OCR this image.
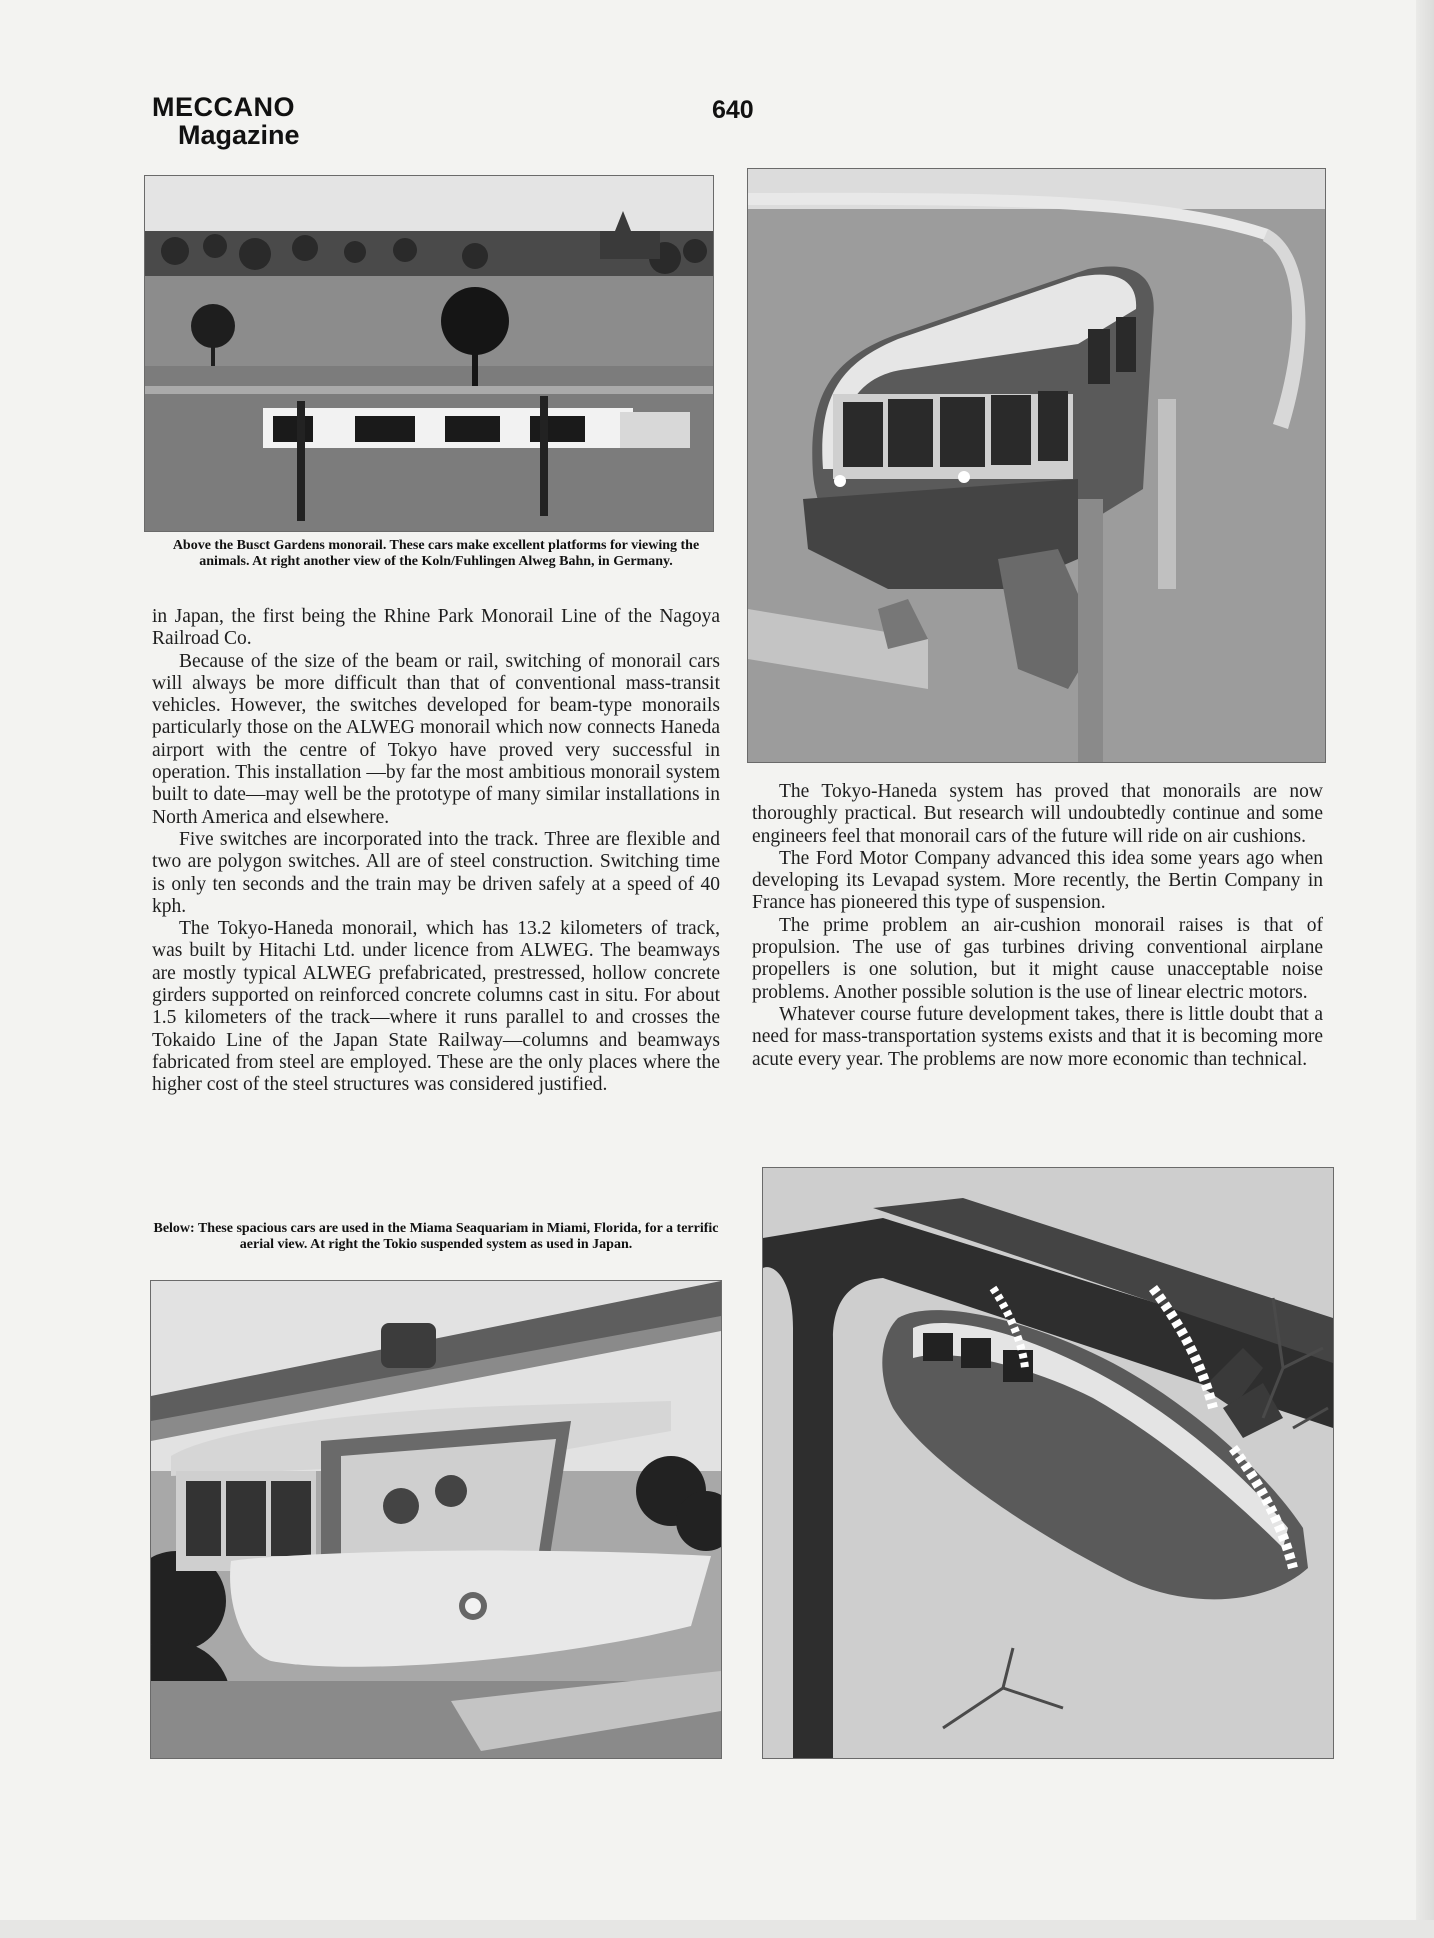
MECCANO
Magazine
640
Above the Busct Gardens monorail. These cars make excellent platforms for viewing the animals. At right another view of the Koln/Fuhlingen Alweg Bahn, in Germany.

in Japan, the first being the Rhine Park Monorail Line of the Nagoya Railroad Co.

Because of the size of the beam or rail, switching of monorail cars will always be more difficult than that of conventional mass-transit vehicles. However, the switches developed for beam-type monorails particularly those on the ALWEG monorail which now connects Haneda airport with the centre of Tokyo have proved very successful in operation. This installation —by far the most ambitious monorail system built to date—may well be the prototype of many similar installations in North America and elsewhere.

Five switches are incorporated into the track. Three are flexible and two are polygon switches. All are of steel construction. Switching time is only ten seconds and the train may be driven safely at a speed of 40 kph.

The Tokyo-Haneda monorail, which has 13.2 kilometers of track, was built by Hitachi Ltd. under licence from ALWEG. The beamways are mostly typical ALWEG prefabricated, prestressed, hollow concrete girders supported on reinforced concrete columns cast in situ. For about 1.5 kilometers of the track—where it runs parallel to and crosses the Tokaido Line of the Japan State Railway—columns and beamways fabricated from steel are employed. These are the only places where the higher cost of the steel structures was considered justified.

The Tokyo-Haneda system has proved that monorails are now thoroughly practical. But research will undoubtedly continue and some engineers feel that monorail cars of the future will ride on air cushions.

The Ford Motor Company advanced this idea some years ago when developing its Levapad system. More recently, the Bertin Company in France has pioneered this type of suspension.

The prime problem an air-cushion monorail raises is that of propulsion. The use of gas turbines driving conventional airplane propellers is one solution, but it might cause unacceptable noise problems. Another possible solution is the use of linear electric motors.

Whatever course future development takes, there is little doubt that a need for mass-transportation systems exists and that it is becoming more acute every year. The problems are now more economic than technical.

Below: These spacious cars are used in the Miama Seaquariam in Miami, Florida, for a terrific aerial view. At right the Tokio suspended system as used in Japan.
